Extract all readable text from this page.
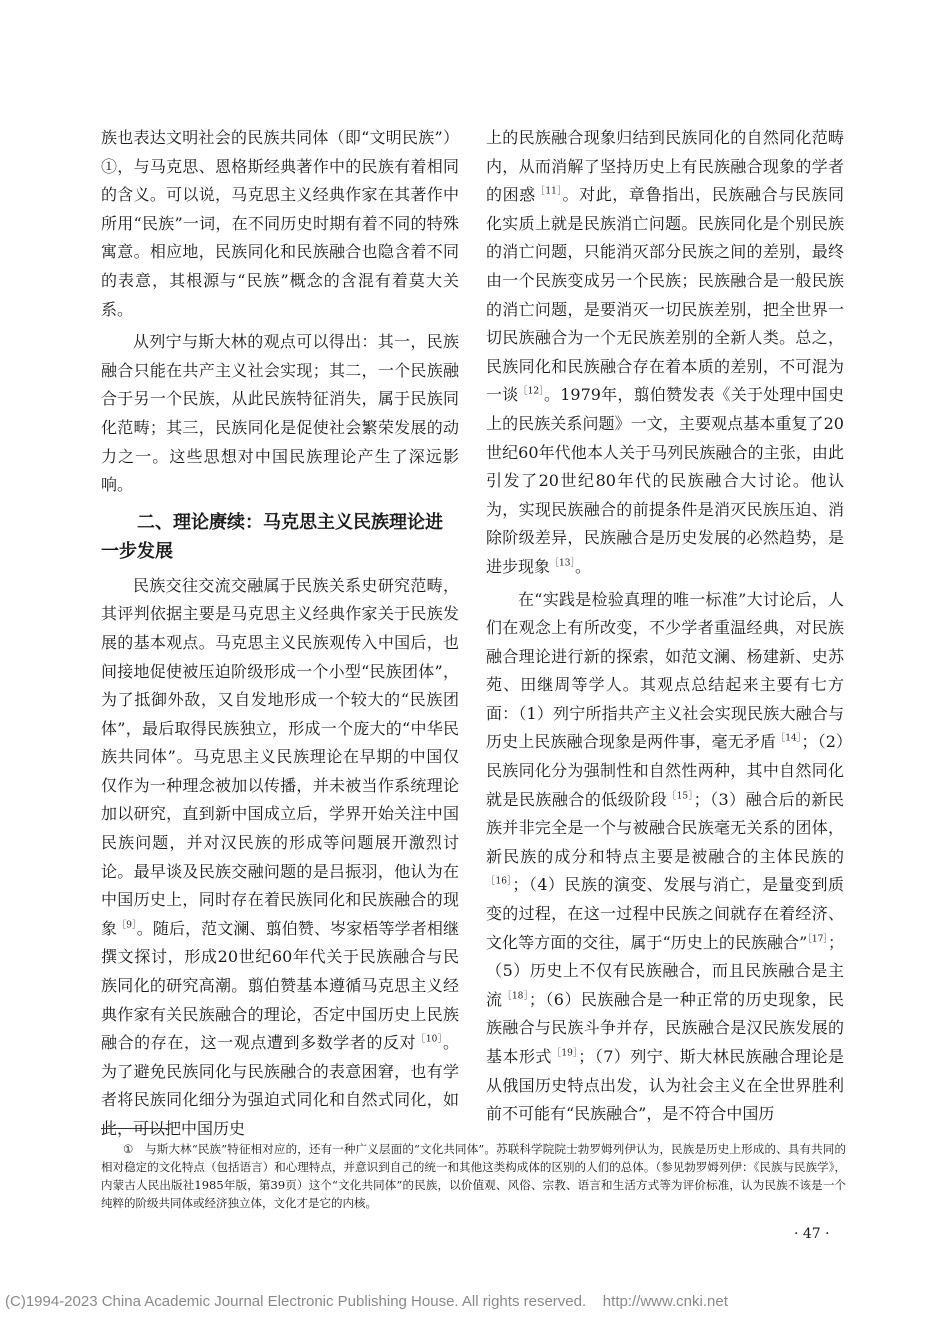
族也表达文明社会的民族共同体（即“文明民族”）①，与马克思、恩格斯经典著作中的民族有着相同的含义。可以说，马克思主义经典作家在其著作中所用“民族”一词，在不同历史时期有着不同的特殊寓意。相应地，民族同化和民族融合也隐含着不同的表意，其根源与“民族”概念的含混有着莫大关系。

从列宁与斯大林的观点可以得出：其一，民族融合只能在共产主义社会实现；其二，一个民族融合于另一个民族，从此民族特征消失，属于民族同化范畴；其三，民族同化是促使社会繁荣发展的动力之一。这些思想对中国民族理论产生了深远影响。

二、理论赓续：马克思主义民族理论进
一步发展

民族交往交流交融属于民族关系史研究范畴，其评判依据主要是马克思主义经典作家关于民族发展的基本观点。马克思主义民族观传入中国后，也间接地促使被压迫阶级形成一个小型“民族团体”，为了抵御外敌，又自发地形成一个较大的“民族团体”，最后取得民族独立，形成一个庞大的“中华民族共同体”。马克思主义民族理论在早期的中国仅仅作为一种理念被加以传播，并未被当作系统理论加以研究，直到新中国成立后，学界开始关注中国民族问题，并对汉民族的形成等问题展开激烈讨论。最早谈及民族交融问题的是吕振羽，他认为在中国历史上，同时存在着民族同化和民族融合的现象$^{[9]}$。随后，范文澜、翦伯赞、岑家梧等学者相继撰文探讨，形成20世纪60年代关于民族融合与民族同化的研究高潮。翦伯赞基本遵循马克思主义经典作家有关民族融合的理论，否定中国历史上民族融合的存在，这一观点遭到多数学者的反对$^{[10]}$。为了避免民族同化与民族融合的表意困窘，也有学者将民族同化细分为强迫式同化和自然式同化，如此，可以把中国历史

上的民族融合现象归结到民族同化的自然同化范畴内，从而消解了坚持历史上有民族融合现象的学者的困惑$^{[11]}$。对此，章鲁指出，民族融合与民族同化实质上就是民族消亡问题。民族同化是个别民族的消亡问题，只能消灭部分民族之间的差别，最终由一个民族变成另一个民族；民族融合是一般民族的消亡问题，是要消灭一切民族差别，把全世界一切民族融合为一个无民族差别的全新人类。总之，民族同化和民族融合存在着本质的差别，不可混为一谈$^{[12]}$。1979年，翦伯赞发表《关于处理中国史上的民族关系问题》一文，主要观点基本重复了20世纪60年代他本人关于马列民族融合的主张，由此引发了20世纪80年代的民族融合大讨论。他认为，实现民族融合的前提条件是消灭民族压迫、消除阶级差异，民族融合是历史发展的必然趋势，是进步现象$^{[13]}$。

在“实践是检验真理的唯一标准”大讨论后，人们在观念上有所改变，不少学者重温经典，对民族融合理论进行新的探索，如范文澜、杨建新、史苏苑、田继周等学人。其观点总结起来主要有七方面：（1）列宁所指共产主义社会实现民族大融合与历史上民族融合现象是两件事，毫无矛盾$^{[14]}$；（2）民族同化分为强制性和自然性两种，其中自然同化就是民族融合的低级阶段$^{[15]}$；（3）融合后的新民族并非完全是一个与被融合民族毫无关系的团体，新民族的成分和特点主要是被融合的主体民族的$^{[16]}$；（4）民族的演变、发展与消亡，是量变到质变的过程，在这一过程中民族之间就存在着经济、文化等方面的交往，属于“历史上的民族融合”$^{[17]}$；（5）历史上不仅有民族融合，而且民族融合是主流$^{[18]}$；（6）民族融合是一种正常的历史现象，民族融合与民族斗争并存，民族融合是汉民族发展的基本形式$^{[19]}$；（7）列宁、斯大林民族融合理论是从俄国历史特点出发，认为社会主义在全世界胜利前不可能有“民族融合”，是不符合中国历

① 与斯大林“民族”特征相对应的，还有一种广义层面的“文化共同体”。苏联科学院院士勃罗姆列伊认为，民族是历史上形成的、具有共同的相对稳定的文化特点（包括语言）和心理特点，并意识到自己的统一和其他这类构成体的区别的人们的总体。（参见勃罗姆列伊：《民族与民族学》，内蒙古人民出版社1985年版，第39页）这个“文化共同体”的民族，以价值观、风俗、宗教、语言和生活方式等为评价标准，认为民族不该是一个纯粹的阶级共同体或经济独立体，文化才是它的内核。
· 47 ·
(C)1994-2023 China Academic Journal Electronic Publishing House. All rights reserved.    http://www.cnki.net
